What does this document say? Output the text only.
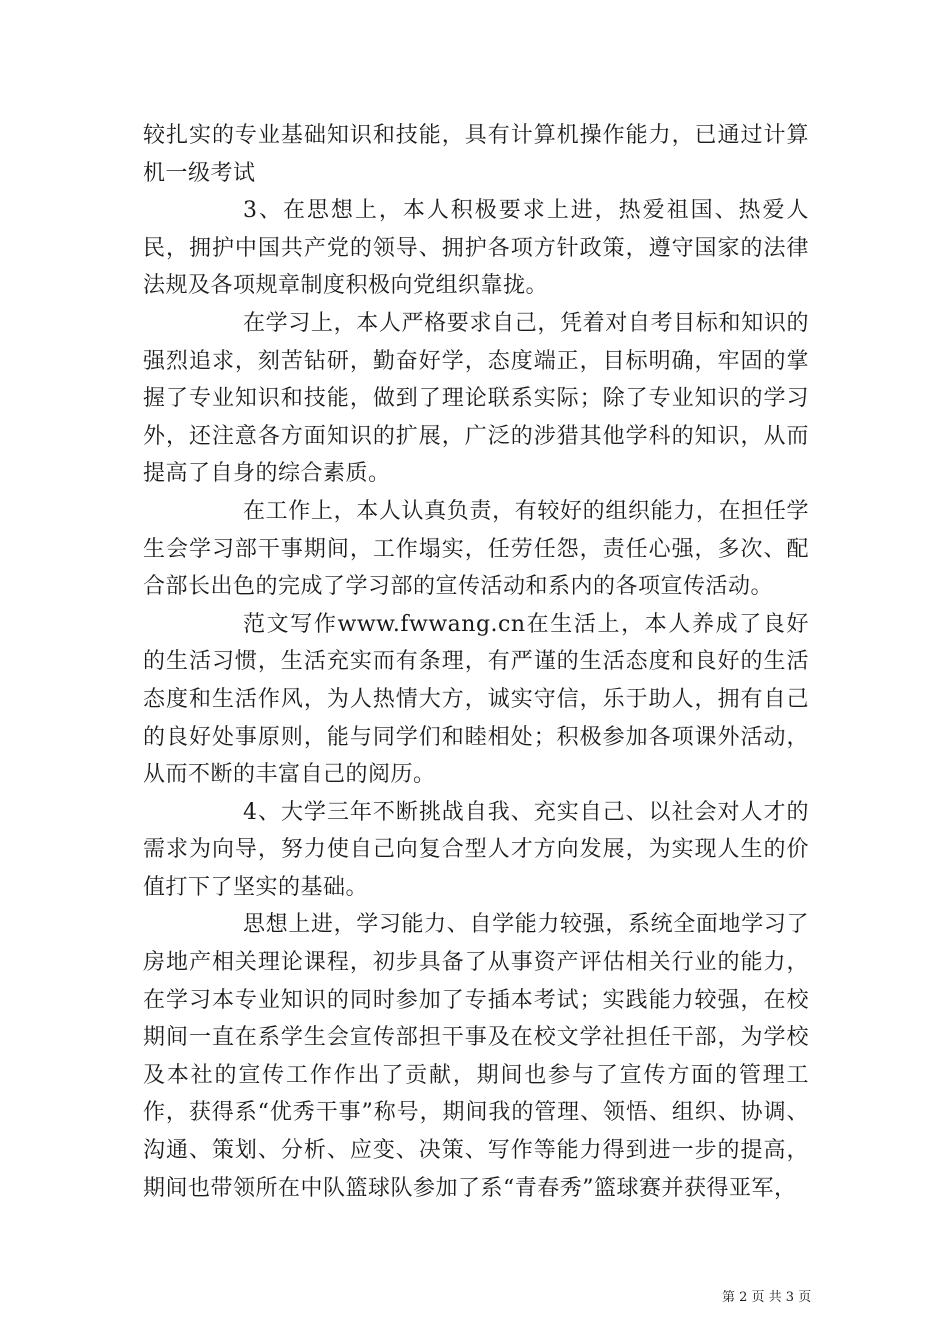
较扎实的专业基础知识和技能，具有计算机操作能力，已通过计算机一级考试

3、在思想上，本人积极要求上进，热爱祖国、热爱人民，拥护中国共产党的领导、拥护各项方针政策，遵守国家的法律法规及各项规章制度积极向党组织靠拢。

在学习上，本人严格要求自己，凭着对自考目标和知识的强烈追求，刻苦钻研，勤奋好学，态度端正，目标明确，牢固的掌握了专业知识和技能，做到了理论联系实际；除了专业知识的学习外，还注意各方面知识的扩展，广泛的涉猎其他学科的知识，从而提高了自身的综合素质。

在工作上，本人认真负责，有较好的组织能力，在担任学生会学习部干事期间，工作塌实，任劳任怨，责任心强，多次、配合部长出色的完成了学习部的宣传活动和系内的各项宣传活动。

范文写作www.fwwang.cn在生活上，本人养成了良好的生活习惯，生活充实而有条理，有严谨的生活态度和良好的生活态度和生活作风，为人热情大方，诚实守信，乐于助人，拥有自己的良好处事原则，能与同学们和睦相处；积极参加各项课外活动，从而不断的丰富自己的阅历。

4、大学三年不断挑战自我、充实自己、以社会对人才的需求为向导，努力使自己向复合型人才方向发展，为实现人生的价值打下了坚实的基础。

思想上进，学习能力、自学能力较强，系统全面地学习了房地产相关理论课程，初步具备了从事资产评估相关行业的能力，在学习本专业知识的同时参加了专插本考试；实践能力较强，在校期间一直在系学生会宣传部担干事及在校文学社担任干部，为学校及本社的宣传工作作出了贡献，期间也参与了宣传方面的管理工作，获得系“优秀干事”称号，期间我的管理、领悟、组织、协调、沟通、策划、分析、应变、决策、写作等能力得到进一步的提高，期间也带领所在中队篮球队参加了系“青春秀”篮球赛并获得亚军，

第 2 页 共 3 页
